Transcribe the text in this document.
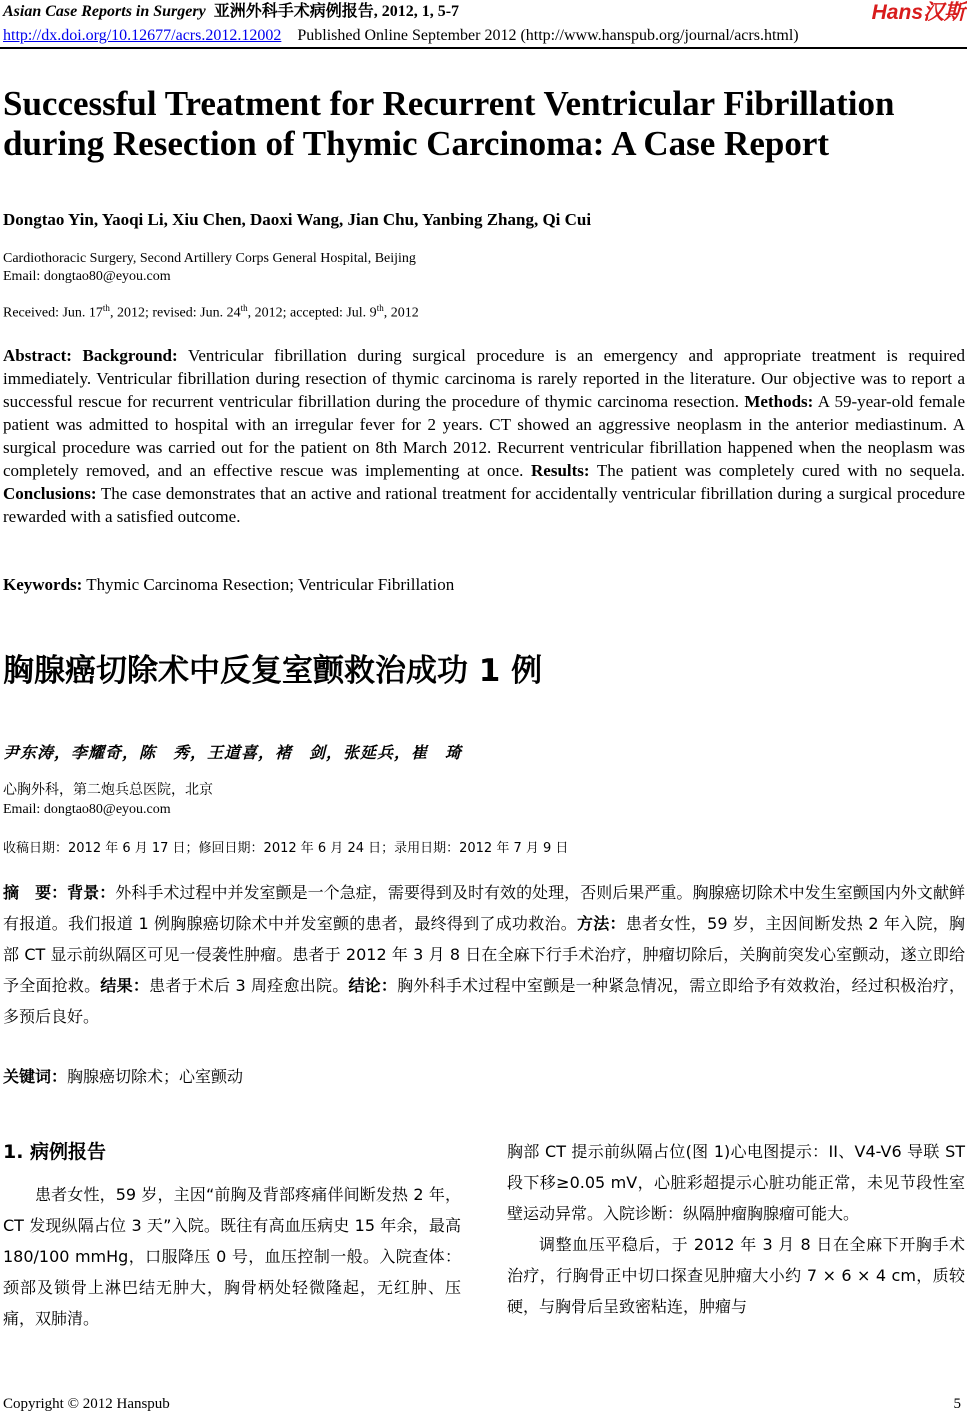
Asian Case Reports in Surgery 亚洲外科手术病例报告, 2012, 1, 5-7
http://dx.doi.org/10.12677/acrs.2012.12002 Published Online September 2012 (http://www.hanspub.org/journal/acrs.html)
Hans汉斯
Successful Treatment for Recurrent Ventricular Fibrillation during Resection of Thymic Carcinoma: A Case Report
Dongtao Yin, Yaoqi Li, Xiu Chen, Daoxi Wang, Jian Chu, Yanbing Zhang, Qi Cui
Cardiothoracic Surgery, Second Artillery Corps General Hospital, Beijing
Email: dongtao80@eyou.com
Received: Jun. 17th, 2012; revised: Jun. 24th, 2012; accepted: Jul. 9th, 2012
Abstract: Background: Ventricular fibrillation during surgical procedure is an emergency and appropriate treatment is required immediately. Ventricular fibrillation during resection of thymic carcinoma is rarely reported in the literature. Our objective was to report a successful rescue for recurrent ventricular fibrillation during the procedure of thymic carcinoma resection. Methods: A 59-year-old female patient was admitted to hospital with an irregular fever for 2 years. CT showed an aggressive neoplasm in the anterior mediastinum. A surgical procedure was carried out for the patient on 8th March 2012. Recurrent ventricular fibrillation happened when the neoplasm was completely removed, and an effective rescue was implementing at once. Results: The patient was completely cured with no sequela. Conclusions: The case demonstrates that an active and rational treatment for accidentally ventricular fibrillation during a surgical procedure rewarded with a satisfied outcome.
Keywords: Thymic Carcinoma Resection; Ventricular Fibrillation
胸腺癌切除术中反复室颤救治成功 1 例
尹东涛，李耀奇，陈　秀，王道喜，褚　剑，张延兵，崔　琦
心胸外科，第二炮兵总医院，北京
Email: dongtao80@eyou.com
收稿日期：2012 年 6 月 17 日；修回日期：2012 年 6 月 24 日；录用日期：2012 年 7 月 9 日
摘　要：背景：外科手术过程中并发室颤是一个急症，需要得到及时有效的处理，否则后果严重。胸腺癌切除术中发生室颤国内外文献鲜有报道。我们报道 1 例胸腺癌切除术中并发室颤的患者，最终得到了成功救治。方法：患者女性，59 岁，主因间断发热 2 年入院，胸部 CT 显示前纵隔区可见一侵袭性肿瘤。患者于 2012 年 3 月 8 日在全麻下行手术治疗，肿瘤切除后，关胸前突发心室颤动，遂立即给予全面抢救。结果：患者于术后 3 周痊愈出院。结论：胸外科手术过程中室颤是一种紧急情况，需立即给予有效救治，经过积极治疗，多预后良好。
关键词：胸腺癌切除术；心室颤动
1. 病例报告

患者女性，59 岁，主因“前胸及背部疼痛伴间断发热 2 年，CT 发现纵隔占位 3 天”入院。既往有高血压病史 15 年余，最高 180/100 mmHg，口服降压 0 号，血压控制一般。入院查体：颈部及锁骨上淋巴结无肿大，胸骨柄处轻微隆起，无红肿、压痛，双肺清。

胸部 CT 提示前纵隔占位(图 1)心电图提示：II、V4-V6 导联 ST 段下移≥0.05 mV，心脏彩超提示心脏功能正常，未见节段性室壁运动异常。入院诊断：纵隔肿瘤胸腺瘤可能大。

调整血压平稳后，于 2012 年 3 月 8 日在全麻下开胸手术治疗，行胸骨正中切口探查见肿瘤大小约 7 × 6 × 4 cm，质较硬，与胸骨后呈致密粘连，肿瘤与

Copyright © 2012 Hanspub	5
